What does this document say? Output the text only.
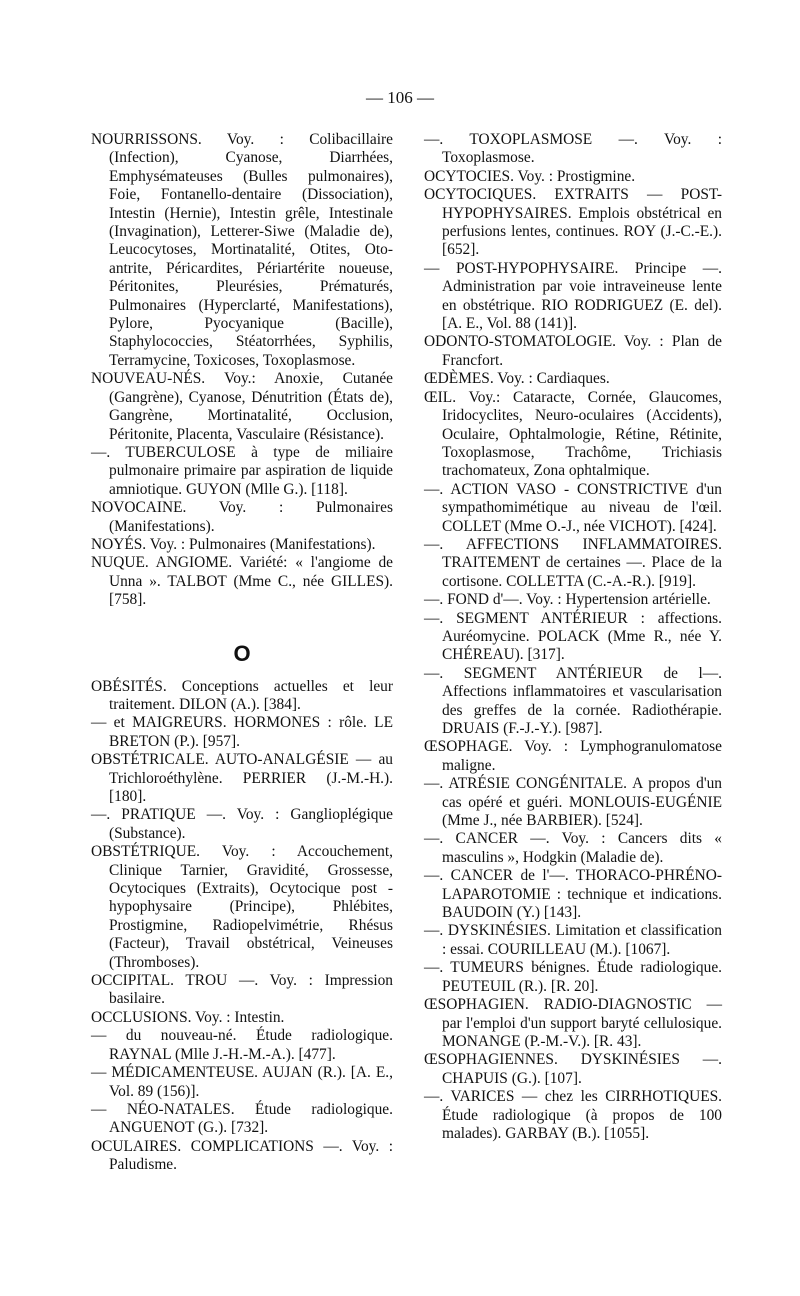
— 106 —

NOURRISSONS. Voy. : Colibacillaire (Infection), Cyanose, Diarrhées, Emphysémateuses (Bulles pulmonaires), Foie, Fontanello-dentaire (Dissociation), Intestin (Hernie), Intestin grêle, Intestinale (Invagination), Letterer-Siwe (Maladie de), Leucocytoses, Mortinatalité, Otites, Oto-antrite, Péricardites, Périartérite noueuse, Péritonites, Pleurésies, Prématurés, Pulmonaires (Hyperclarté, Manifestations), Pylore, Pyocyanique (Bacille), Staphylococcies, Stéatorrhées, Syphilis, Terramycine, Toxicoses, Toxoplasmose.

NOUVEAU-NÉS. Voy.: Anoxie, Cutanée (Gangrène), Cyanose, Dénutrition (États de), Gangrène, Mortinatalité, Occlusion, Péritonite, Placenta, Vasculaire (Résistance).

—. TUBERCULOSE à type de miliaire pulmonaire primaire par aspiration de liquide amniotique. GUYON (Mlle G.). [118].

NOVOCAINE. Voy. : Pulmonaires (Manifestations).

NOYÉS. Voy. : Pulmonaires (Manifestations).

NUQUE. ANGIOME. Variété: « l'angiome de Unna ». TALBOT (Mme C., née GILLES). [758].

O

OBÉSITÉS. Conceptions actuelles et leur traitement. DILON (A.). [384].

— et MAIGREURS. HORMONES : rôle. LE BRETON (P.). [957].

OBSTÉTRICALE. AUTO-ANALGÉSIE — au Trichloroéthylène. PERRIER (J.-M.-H.). [180].

—. PRATIQUE —. Voy. : Ganglioplégique (Substance).

OBSTÉTRIQUE. Voy. : Accouchement, Clinique Tarnier, Gravidité, Grossesse, Ocytociques (Extraits), Ocytocique post - hypophysaire (Principe), Phlébites, Prostigmine, Radiopelvimétrie, Rhésus (Facteur), Travail obstétrical, Veineuses (Thromboses).

OCCIPITAL. TROU —. Voy. : Impression basilaire.

OCCLUSIONS. Voy. : Intestin.

— du nouveau-né. Étude radiologique. RAYNAL (Mlle J.-H.-M.-A.). [477].

— MÉDICAMENTEUSE. AUJAN (R.). [A. E., Vol. 89 (156)].

— NÉO-NATALES. Étude radiologique. ANGUENOT (G.). [732].

OCULAIRES. COMPLICATIONS —. Voy. : Paludisme.

—. TOXOPLASMOSE —. Voy. : Toxoplasmose.

OCYTOCIES. Voy. : Prostigmine.

OCYTOCIQUES. EXTRAITS — POST-HYPOPHYSAIRES. Emplois obstétrical en perfusions lentes, continues. ROY (J.-C.-E.). [652].

— POST-HYPOPHYSAIRE. Principe —. Administration par voie intraveineuse lente en obstétrique. RIO RODRIGUEZ (E. del). [A. E., Vol. 88 (141)].

ODONTO-STOMATOLOGIE. Voy. : Plan de Francfort.

ŒDÈMES. Voy. : Cardiaques.

ŒIL. Voy.: Cataracte, Cornée, Glaucomes, Iridocyclites, Neuro-oculaires (Accidents), Oculaire, Ophtalmologie, Rétine, Rétinite, Toxoplasmose, Trachôme, Trichiasis trachomateux, Zona ophtalmique.

—. ACTION VASO - CONSTRICTIVE d'un sympathomimétique au niveau de l'œil. COLLET (Mme O.-J., née VICHOT). [424].

—. AFFECTIONS INFLAMMATOIRES. TRAITEMENT de certaines —. Place de la cortisone. COLLETTA (C.-A.-R.). [919].

—. FOND d'—. Voy. : Hypertension artérielle.

—. SEGMENT ANTÉRIEUR : affections. Auréomycine. POLACK (Mme R., née Y. CHÉREAU). [317].

—. SEGMENT ANTÉRIEUR de l—. Affections inflammatoires et vascularisation des greffes de la cornée. Radiothérapie. DRUAIS (F.-J.-Y.). [987].

ŒSOPHAGE. Voy. : Lymphogranulomatose maligne.

—. ATRÉSIE CONGÉNITALE. A propos d'un cas opéré et guéri. MONLOUIS-EUGÉNIE (Mme J., née BARBIER). [524].

—. CANCER —. Voy. : Cancers dits « masculins », Hodgkin (Maladie de).

—. CANCER de l'—. THORACO-PHRÉNO-LAPAROTOMIE : technique et indications. BAUDOIN (Y.) [143].

—. DYSKINÉSIES. Limitation et classification : essai. COURILLEAU (M.). [1067].

—. TUMEURS bénignes. Étude radiologique. PEUTEUIL (R.). [R. 20].

ŒSOPHAGIEN. RADIO-DIAGNOSTIC — par l'emploi d'un support baryté cellulosique. MONANGE (P.-M.-V.). [R. 43].

ŒSOPHAGIENNES. DYSKINÉSIES —. CHAPUIS (G.). [107].

—. VARICES — chez les CIRRHOTIQUES. Étude radiologique (à propos de 100 malades). GARBAY (B.). [1055].
